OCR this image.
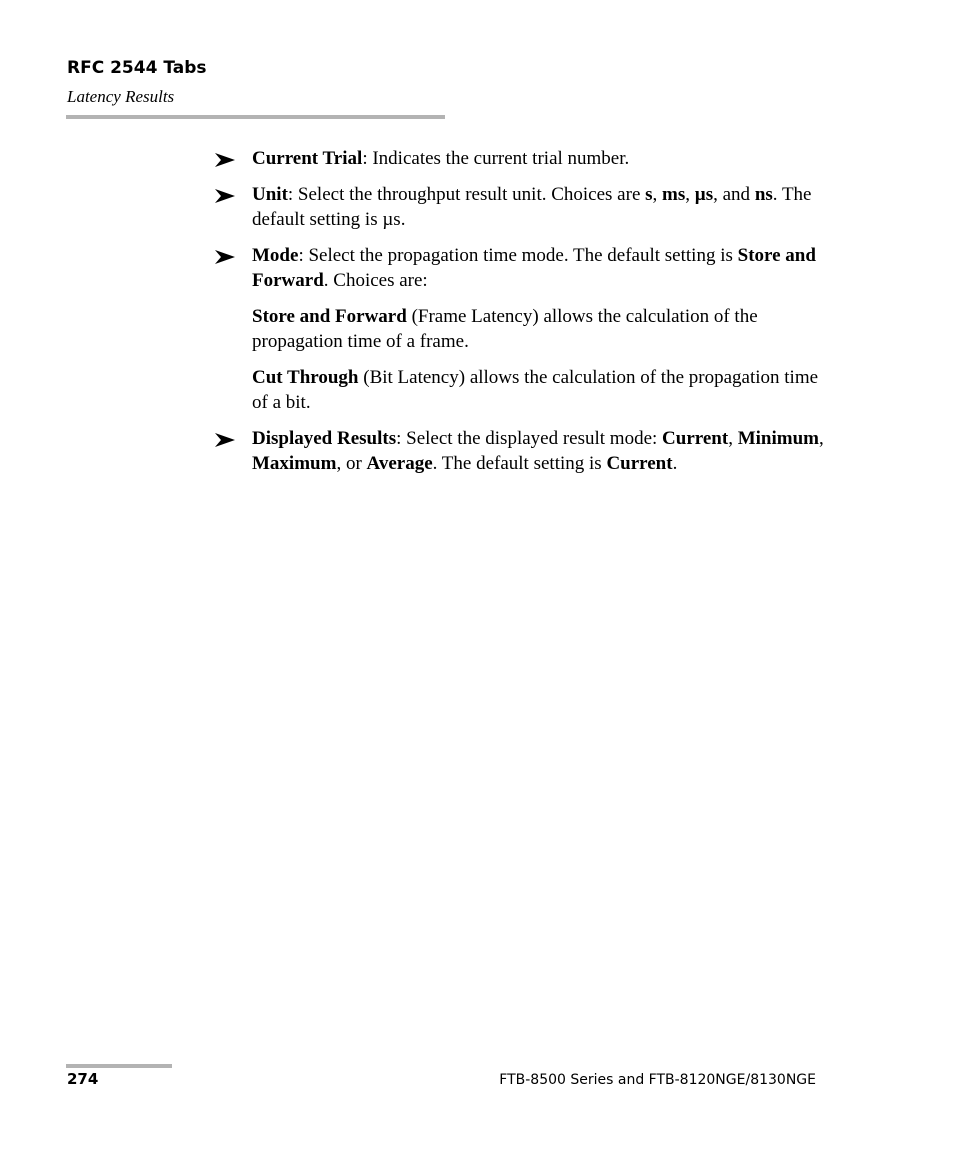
RFC 2544 Tabs
Latency Results
Current Trial: Indicates the current trial number.
Unit: Select the throughput result unit. Choices are s, ms, µs, and ns. The default setting is µs.
Mode: Select the propagation time mode. The default setting is Store and Forward. Choices are:
Store and Forward (Frame Latency) allows the calculation of the propagation time of a frame.
Cut Through (Bit Latency) allows the calculation of the propagation time of a bit.
Displayed Results: Select the displayed result mode: Current, Minimum, Maximum, or Average. The default setting is Current.
274	FTB-8500 Series and FTB-8120NGE/8130NGE
